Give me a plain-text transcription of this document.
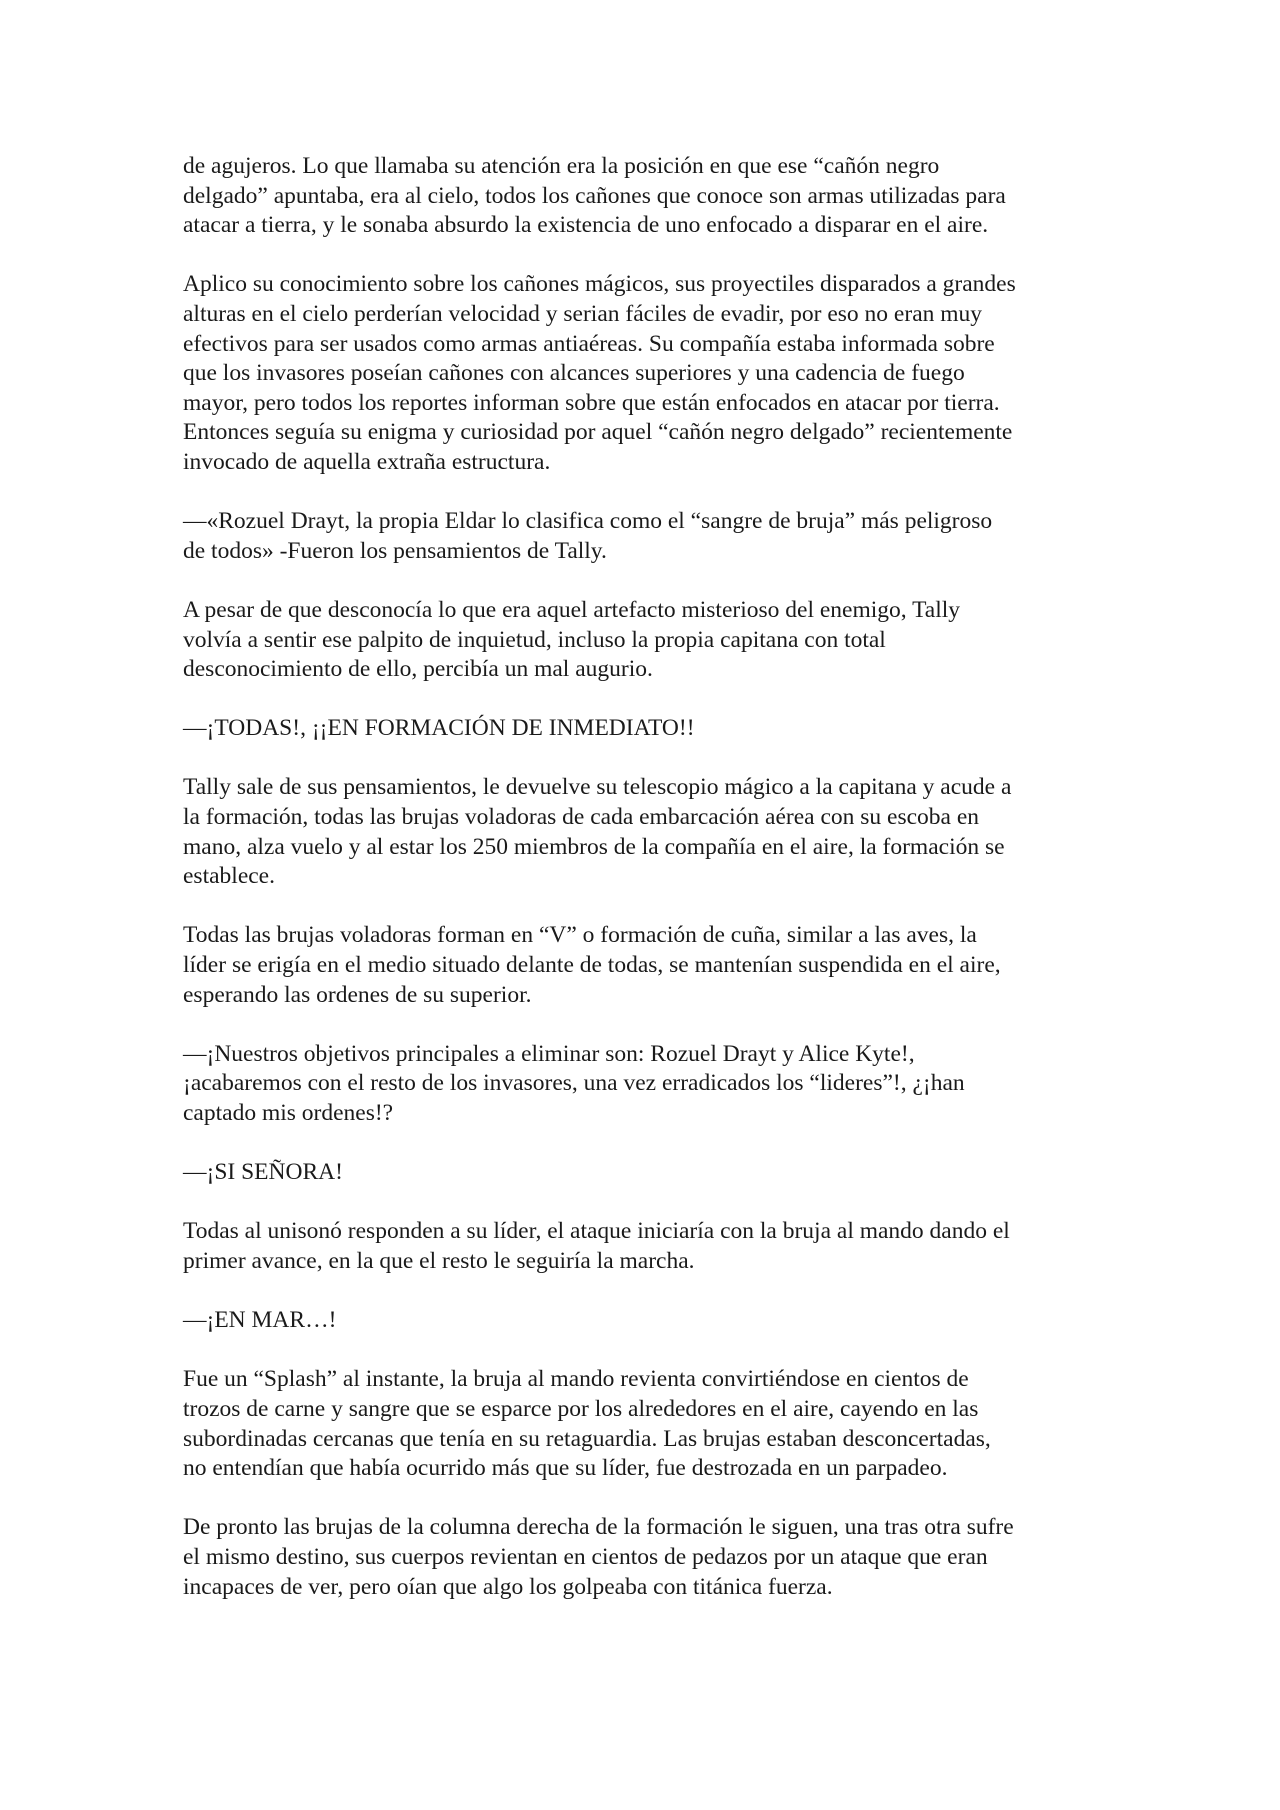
de agujeros. Lo que llamaba su atención era la posición en que ese “cañón negro
delgado” apuntaba, era al cielo, todos los cañones que conoce son armas utilizadas para
atacar a tierra, y le sonaba absurdo la existencia de uno enfocado a disparar en el aire.

Aplico su conocimiento sobre los cañones mágicos, sus proyectiles disparados a grandes
alturas en el cielo perderían velocidad y serian fáciles de evadir, por eso no eran muy
efectivos para ser usados como armas antiaéreas. Su compañía estaba informada sobre
que los invasores poseían cañones con alcances superiores y una cadencia de fuego
mayor, pero todos los reportes informan sobre que están enfocados en atacar por tierra.
Entonces seguía su enigma y curiosidad por aquel “cañón negro delgado” recientemente
invocado de aquella extraña estructura.

—«Rozuel Drayt, la propia Eldar lo clasifica como el “sangre de bruja” más peligroso
de todos» -Fueron los pensamientos de Tally.

A pesar de que desconocía lo que era aquel artefacto misterioso del enemigo, Tally
volvía a sentir ese palpito de inquietud, incluso la propia capitana con total
desconocimiento de ello, percibía un mal augurio.

—¡TODAS!, ¡¡EN FORMACIÓN DE INMEDIATO!!

Tally sale de sus pensamientos, le devuelve su telescopio mágico a la capitana y acude a
la formación, todas las brujas voladoras de cada embarcación aérea con su escoba en
mano, alza vuelo y al estar los 250 miembros de la compañía en el aire, la formación se
establece.

Todas las brujas voladoras forman en “V” o formación de cuña, similar a las aves, la
líder se erigía en el medio situado delante de todas, se mantenían suspendida en el aire,
esperando las ordenes de su superior.

—¡Nuestros objetivos principales a eliminar son: Rozuel Drayt y Alice Kyte!,
¡acabaremos con el resto de los invasores, una vez erradicados los “lideres”!, ¿¡han
captado mis ordenes!?

—¡SI SEÑORA!

Todas al unisonó responden a su líder, el ataque iniciaría con la bruja al mando dando el
primer avance, en la que el resto le seguiría la marcha.

—¡EN MAR…!

Fue un “Splash” al instante, la bruja al mando revienta convirtiéndose en cientos de
trozos de carne y sangre que se esparce por los alrededores en el aire, cayendo en las
subordinadas cercanas que tenía en su retaguardia. Las brujas estaban desconcertadas,
no entendían que había ocurrido más que su líder, fue destrozada en un parpadeo.

De pronto las brujas de la columna derecha de la formación le siguen, una tras otra sufre
el mismo destino, sus cuerpos revientan en cientos de pedazos por un ataque que eran
incapaces de ver, pero oían que algo los golpeaba con titánica fuerza.
